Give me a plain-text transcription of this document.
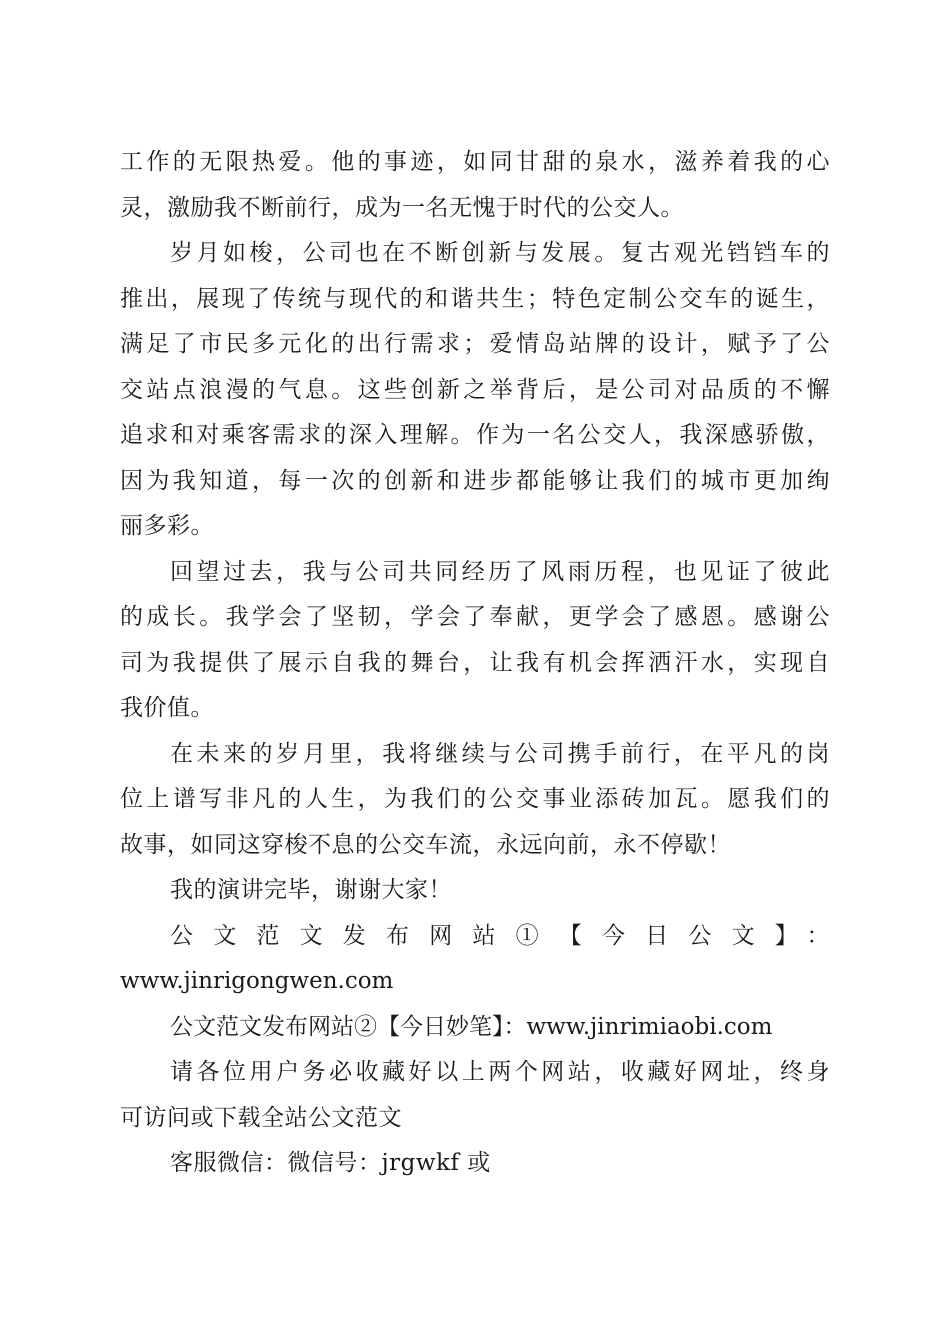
工作的无限热爱。他的事迹，如同甘甜的泉水，滋养着我的心
灵，激励我不断前行，成为一名无愧于时代的公交人。
岁月如梭，公司也在不断创新与发展。复古观光铛铛车的
推出，展现了传统与现代的和谐共生；特色定制公交车的诞生，
满足了市民多元化的出行需求；爱情岛站牌的设计，赋予了公
交站点浪漫的气息。这些创新之举背后，是公司对品质的不懈
追求和对乘客需求的深入理解。作为一名公交人，我深感骄傲，
因为我知道，每一次的创新和进步都能够让我们的城市更加绚
丽多彩。
回望过去，我与公司共同经历了风雨历程，也见证了彼此
的成长。我学会了坚韧，学会了奉献，更学会了感恩。感谢公
司为我提供了展示自我的舞台，让我有机会挥洒汗水，实现自
我价值。
在未来的岁月里，我将继续与公司携手前行，在平凡的岗
位上谱写非凡的人生，为我们的公交事业添砖加瓦。愿我们的
故事，如同这穿梭不息的公交车流，永远向前，永不停歇！
我的演讲完毕，谢谢大家！
公文范文发布网站①【今日公文】：
www.jinrigongwen.com
公文范文发布网站②【今日妙笔】：www.jinrimiaobi.com
请各位用户务必收藏好以上两个网站，收藏好网址，终身
可访问或下载全站公文范文
客服微信：微信号：jrgwkf 或
